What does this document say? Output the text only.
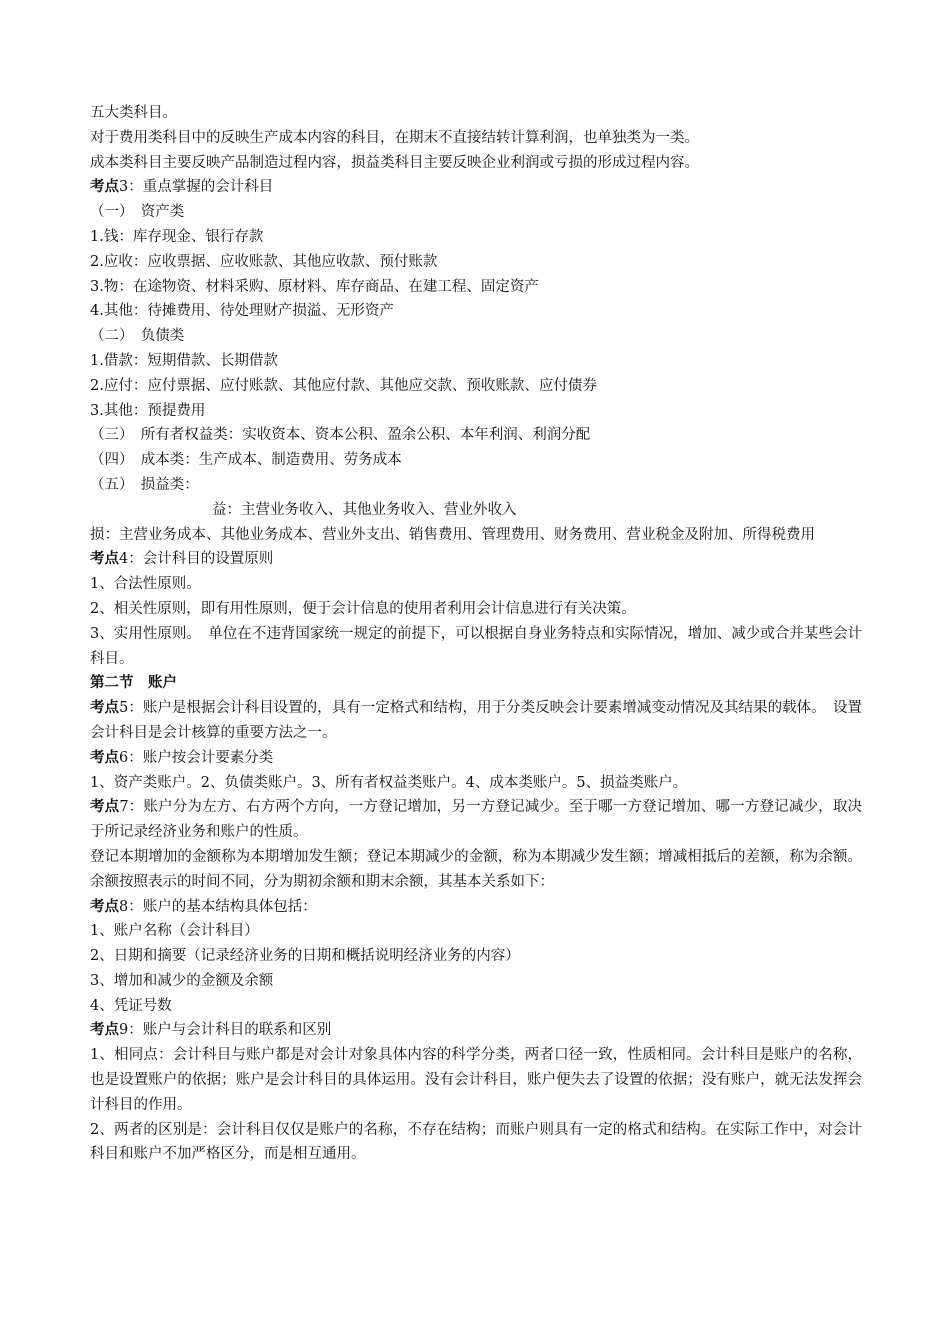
五大类科目。
对于费用类科目中的反映生产成本内容的科目，在期末不直接结转计算利润，也单独类为一类。
成本类科目主要反映产品制造过程内容，损益类科目主要反映企业利润或亏损的形成过程内容。
考点3：重点掌握的会计科目
（一）　资产类
1.钱：库存现金、银行存款
2.应收：应收票据、应收账款、其他应收款、预付账款
3.物：在途物资、材料采购、原材料、库存商品、在建工程、固定资产
4.其他：待摊费用、待处理财产损溢、无形资产
（二）　负债类
1.借款：短期借款、长期借款
2.应付：应付票据、应付账款、其他应付款、其他应交款、预收账款、应付债券
3.其他：预提费用
（三）　所有者权益类：实收资本、资本公积、盈余公积、本年利润、利润分配
（四）　成本类：生产成本、制造费用、劳务成本
（五）　损益类：
益：主营业务收入、其他业务收入、营业外收入
损：主营业务成本、其他业务成本、营业外支出、销售费用、管理费用、财务费用、营业税金及附加、所得税费用
考点4：会计科目的设置原则
1、合法性原则。
2、相关性原则，即有用性原则，便于会计信息的使用者利用会计信息进行有关决策。
3、实用性原则。　单位在不违背国家统一规定的前提下，可以根据自身业务特点和实际情况，增加、减少或合并某些会计科目。
第二节　账户
考点5：账户是根据会计科目设置的，具有一定格式和结构，用于分类反映会计要素增减变动情况及其结果的载体。　设置会计科目是会计核算的重要方法之一。
考点6：账户按会计要素分类
1、资产类账户。2、负债类账户。3、所有者权益类账户。4、成本类账户。5、损益类账户。
考点7：账户分为左方、右方两个方向，一方登记增加，另一方登记减少。至于哪一方登记增加、哪一方登记减少，取决于所记录经济业务和账户的性质。
登记本期增加的金额称为本期增加发生额；登记本期减少的金额，称为本期减少发生额；增减相抵后的差额，称为余额。余额按照表示的时间不同，分为期初余额和期末余额，其基本关系如下：
考点8：账户的基本结构具体包括：
1、账户名称（会计科目）
2、日期和摘要（记录经济业务的日期和概括说明经济业务的内容）
3、增加和减少的金额及余额
4、凭证号数
考点9：账户与会计科目的联系和区别
1、相同点：会计科目与账户都是对会计对象具体内容的科学分类，两者口径一致，性质相同。会计科目是账户的名称，也是设置账户的依据；账户是会计科目的具体运用。没有会计科目，账户便失去了设置的依据；没有账户，就无法发挥会计科目的作用。
2、两者的区别是：会计科目仅仅是账户的名称，不存在结构；而账户则具有一定的格式和结构。在实际工作中，对会计科目和账户不加严格区分，而是相互通用。
